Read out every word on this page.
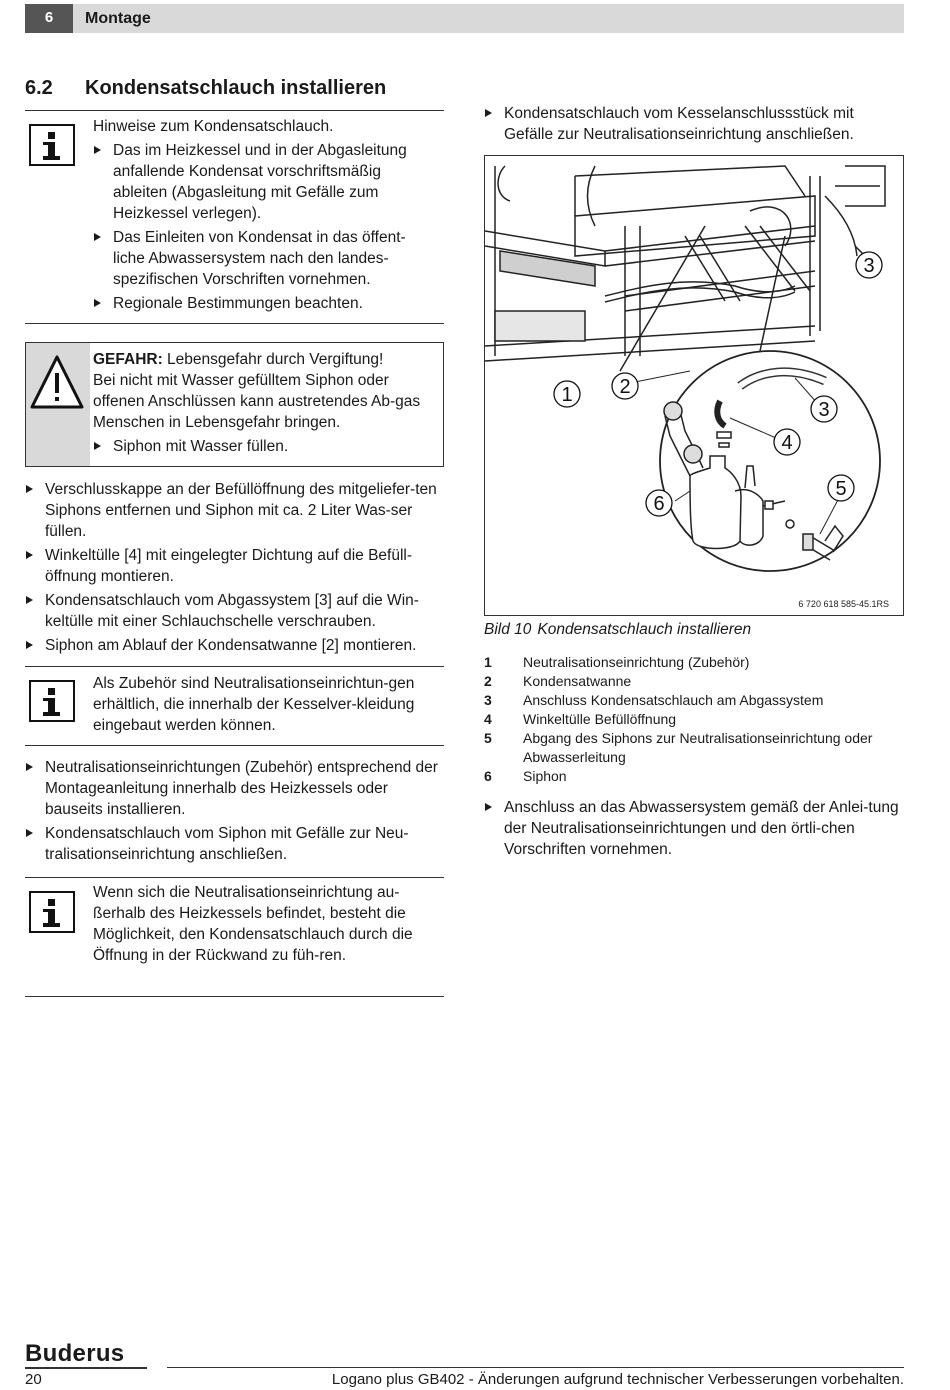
6	Montage
6.2 Kondensatschlauch installieren

Hinweise zum Kondensatschlauch.

Das im Heizkessel und in der Abgasleitung anfallende Kondensat vorschriftsmäßig ableiten (Abgasleitung mit Gefälle zum Heizkessel verlegen).

Das Einleiten von Kondensat in das öffent-liche Abwassersystem nach den landes-spezifischen Vorschriften vornehmen.

Regionale Bestimmungen beachten.

GEFAHR: Lebensgefahr durch Vergiftung!

Bei nicht mit Wasser gefülltem Siphon oder offenen Anschlüssen kann austretendes Ab-gas Menschen in Lebensgefahr bringen.

Siphon mit Wasser füllen.

Verschlusskappe an der Befüllöffnung des mitgeliefer-ten Siphons entfernen und Siphon mit ca. 2 Liter Was-ser füllen.

Winkeltülle [4] mit eingelegter Dichtung auf die Befüll-öffnung montieren.

Kondensatschlauch vom Abgassystem [3] auf die Win-keltülle mit einer Schlauchschelle verschrauben.

Siphon am Ablauf der Kondensatwanne [2] montieren.

Als Zubehör sind Neutralisationseinrichtun-gen erhältlich, die innerhalb der Kesselver-kleidung eingebaut werden können.

Neutralisationseinrichtungen (Zubehör) entsprechend der Montageanleitung innerhalb des Heizkessels oder bauseits installieren.

Kondensatschlauch vom Siphon mit Gefälle zur Neu-tralisationseinrichtung anschließen.

Wenn sich die Neutralisationseinrichtung au-ßerhalb des Heizkessels befindet, besteht die Möglichkeit, den Kondensatschlauch durch die Öffnung in der Rückwand zu füh-ren.

Kondensatschlauch vom Kesselanschlussstück mit Gefälle zur Neutralisationseinrichtung anschließen.

3
1 2
3
4
5
6
6 720 618 585-45.1RS
Bild 10 Kondensatschlauch installieren
1 Neutralisationseinrichtung (Zubehör)
2 Kondensatwanne
3 Anschluss Kondensatschlauch am Abgassystem
4 Winkeltülle Befüllöffnung
5 Abgang des Siphons zur Neutralisationseinrichtung oder Abwasserleitung
6 Siphon

Anschluss an das Abwassersystem gemäß der Anlei-tung der Neutralisationseinrichtungen und den örtli-chen Vorschriften vornehmen.

Buderus
20	Logano plus GB402 - Änderungen aufgrund technischer Verbesserungen vorbehalten.
